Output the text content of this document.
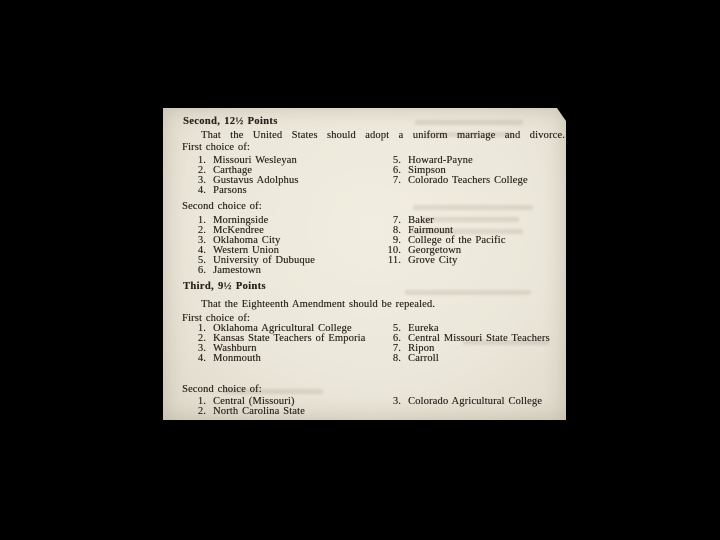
Second, 12½ Points
That the United States should adopt a uniform marriage and divorce.
First choice of:
1. Missouri Wesleyan
2. Carthage
3. Gustavus Adolphus
4. Parsons
5. Howard-Payne
6. Simpson
7. Colorado Teachers College
Second choice of:
1. Morningside
2. McKendree
3. Oklahoma City
4. Western Union
5. University of Dubuque
6. Jamestown
7. Baker
8. Fairmount
9. College of the Pacific
10. Georgetown
11. Grove City
Third, 9½ Points
That the Eighteenth Amendment should be repealed.
First choice of:
1. Oklahoma Agricultural College
2. Kansas State Teachers of Emporia
3. Washburn
4. Monmouth
5. Eureka
6. Central Missouri State Teachers
7. Ripon
8. Carroll
Second choice of:
1. Central (Missouri)
2. North Carolina State
3. Colorado Agricultural College
